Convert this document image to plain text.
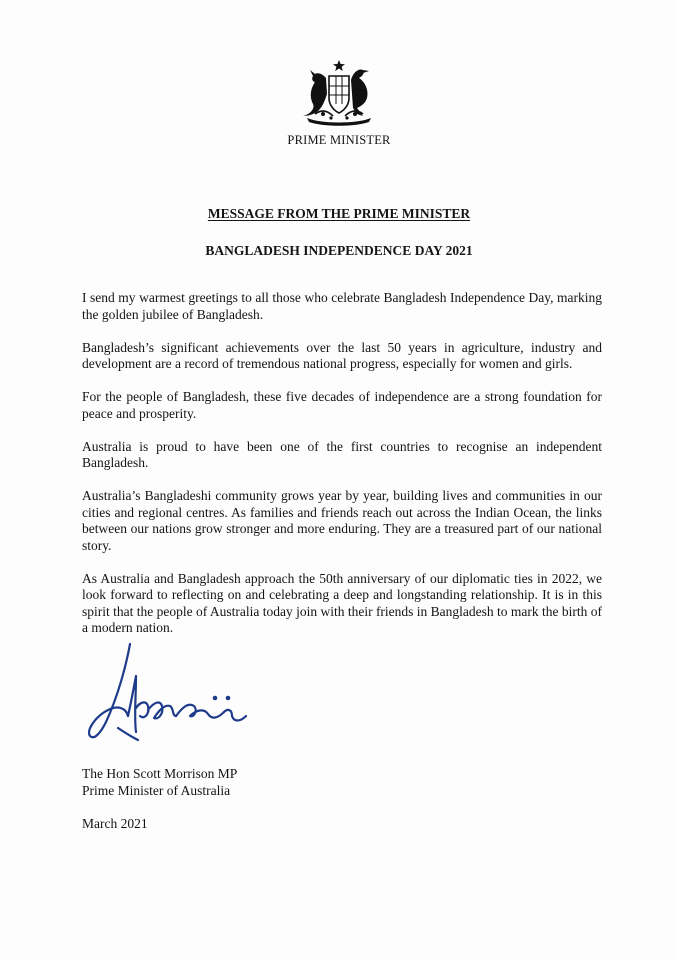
PRIME MINISTER
MESSAGE FROM THE PRIME MINISTER
BANGLADESH INDEPENDENCE DAY 2021

I send my warmest greetings to all those who celebrate Bangladesh Independence Day, marking the golden jubilee of Bangladesh.

Bangladesh’s significant achievements over the last 50 years in agriculture, industry and development are a record of tremendous national progress, especially for women and girls.

For the people of Bangladesh, these five decades of independence are a strong foundation for peace and prosperity.

Australia is proud to have been one of the first countries to recognise an independent Bangladesh.

Australia’s Bangladeshi community grows year by year, building lives and communities in our cities and regional centres. As families and friends reach out across the Indian Ocean, the links between our nations grow stronger and more enduring. They are a treasured part of our national story.

As Australia and Bangladesh approach the 50th anniversary of our diplomatic ties in 2022, we look forward to reflecting on and celebrating a deep and longstanding relationship. It is in this spirit that the people of Australia today join with their friends in Bangladesh to mark the birth of a modern nation.

The Hon Scott Morrison MP
Prime Minister of Australia
March 2021
